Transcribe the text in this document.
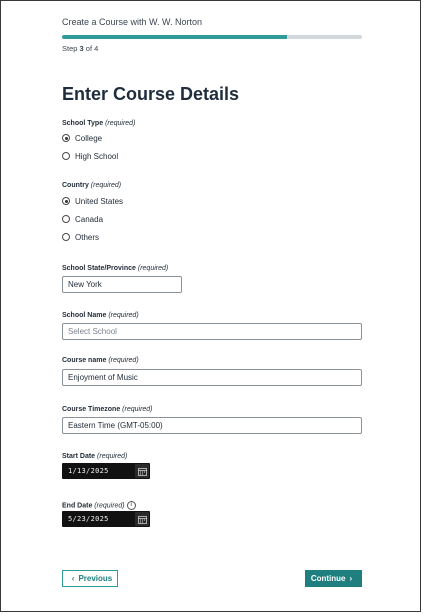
Create a Course with W. W. Norton
Step 3 of 4
Enter Course Details
School Type (required)
College
High School
Country (required)
United States
Canada
Others
School State/Province (required)
New York
School Name (required)
Select School
Course name (required)
Enjoyment of Music
Course Timezone (required)
Eastern Time (GMT-05:00)
Start Date (required)
1/13/2025
End Date (required) i
5/23/2025
‹ Previous	Continue ›
